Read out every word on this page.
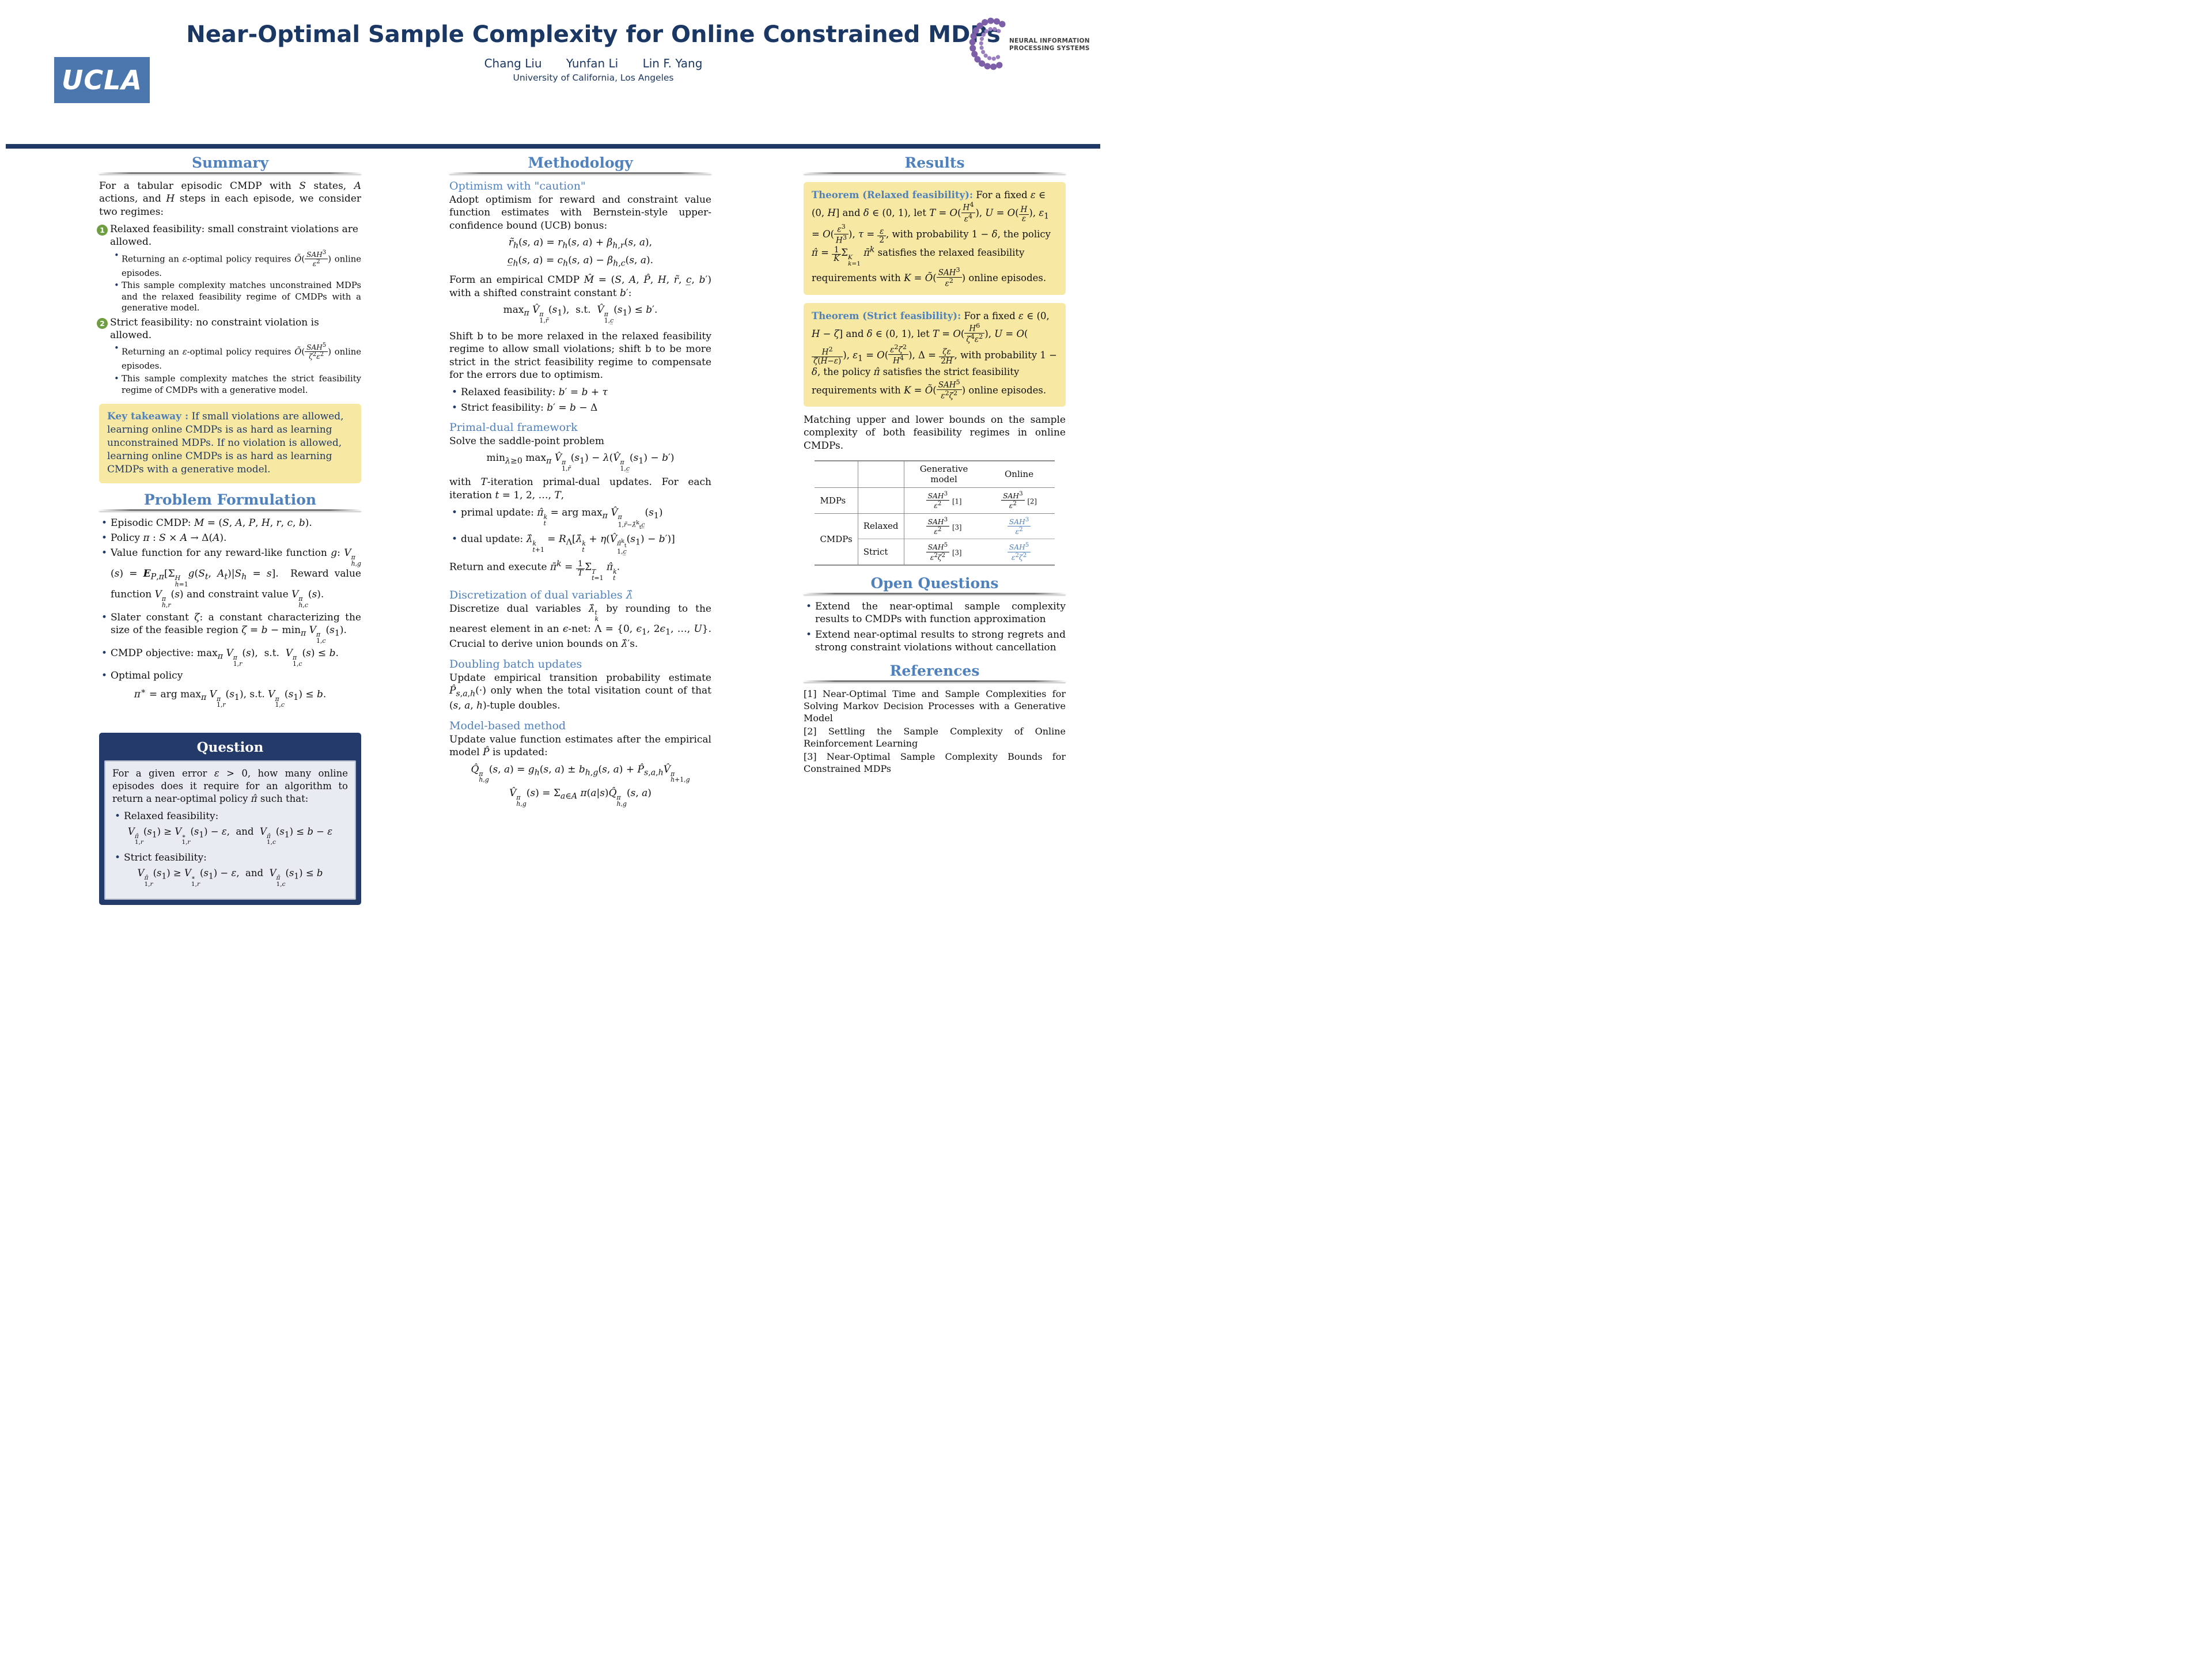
UCLA
Near-Optimal Sample Complexity for Online Constrained MDPs
Chang Liu Yunfan Li Lin F. Yang
University of California, Los Angeles
NEURAL INFORMATION
PROCESSING SYSTEMS
Summary

For a tabular episodic CMDP with S states, A actions, and H steps in each episode, we consider two regimes:

1 Relaxed feasibility: small constraint violations are allowed.
• Returning an ε-optimal policy requires Õ( SAH$^3$
$\varepsilon^2$ ) online episodes.
• This sample complexity matches unconstrained MDPs and the relaxed feasibility regime of CMDPs with a generative model.
2 Strict feasibility: no constraint violation is allowed.
• Returning an ε-optimal policy requires Õ( SAH$^5$
$\zeta^2\varepsilon^2$ ) online episodes.
• This sample complexity matches the strict feasibility regime of CMDPs with a generative model.
Key takeaway : If small violations are allowed, learning online CMDPs is as hard as learning unconstrained MDPs. If no violation is allowed, learning online CMDPs is as hard as learning CMDPs with a generative model.
Problem Formulation
• Episodic CMDP: M = (S, A, P, H, r, c, b).
• Policy π : S × A → Δ(A).
• Value function for any reward-like function g: V π
h,g
$(s) = E_{P,\pi}[\Sigma$ H
h=1
$g(S_t$, $A_t)|S_h = s$].  Reward value function V π
h,r
(s) and constraint value V π
h,c
(s).
• Slater constant ζ: a constant characterizing the size of the feasible region $\zeta = b - \min_\pi V$ π
1,c
$(s_1)$.
• CMDP objective: $\max_\pi V$ π
1,r
(s),  s.t.  V π
1,c
(s) ≤ b.
• Optimal policy
π∗ = arg $\max_\pi V$ π
1,r
$(s_1)$, s.t. V π
1,c
$(s_1) \le b$.
Question

For a given error ε > 0, how many online episodes does it require for an algorithm to return a near-optimal policy π̂ such that:

• Relaxed feasibility:
V π̂
1,r
$(s_1) \ge V$ ∗
1,r
$(s_1) - \varepsilon$,  and  V π̂
1,c
$(s_1) \le b - \varepsilon$
• Strict feasibility:
V π̂
1,r
$(s_1) \ge V$ ∗
1,r
$(s_1) - \varepsilon$,  and  V π̂
1,c
$(s_1) \le b$
Methodology
Optimism with "caution"

Adopt optimism for reward and constraint value function estimates with Bernstein-style upper-confidence bound (UCB) bonus:

$r̃_h(s$, $a) = r_h(s$, $a) + \beta_{h,r}(s$, a),
$c̲_h(s$, $a) = c_h(s$, $a) - \beta_{h,c}(s$, a).

Form an empirical CMDP M̂ = (S, A, P̂, H, r̃, c̲, b′) with a shifted constraint constant b′:

$\max_\pi$ V̂ π
1,r̃
$(s_1)$,  s.t.  V̂ π
1,c̲
$(s_1) \le b'$.

Shift b to be more relaxed in the relaxed feasibility regime to allow small violations; shift b to be more strict in the strict feasibility regime to compensate for the errors due to optimism.

• Relaxed feasibility: b′ = b + τ
• Strict feasibility: b′ = b − Δ
Primal-dual framework

Solve the saddle-point problem

$\min_{\lambda\ge 0} \max_\pi$ V̂ π
1,r̃
$(s_1)$ − λ(V̂ π
1,c̲
$(s_1) - b'$)

with T-iteration primal-dual updates. For each iteration t = 1, 2, …, T,

• primal update: π̂ k
t
= arg $\max_\pi$ V̂ π
1,r̃−λ̂$^k_t$c̲
$(s_1)$
• dual update: λ̂ k
t+1
= $R_\Lambda[\lambdâ$ k
t
+ η(V̂ π̂$^k_t$
1,c̲
$(s_1) - b'$)]

Return and execute π̄$^k$ = $\frac{1}{T}$ Σ T
t=1
π̂ k
t
.

Discretization of dual variables λ̂

Discretize dual variables λ̂ t
k
by rounding to the nearest element in an ϵ-net: Λ = {0, $\epsilon_1$, $2\epsilon_1$, …, U}. Crucial to derive union bounds on λ̂′s.

Doubling batch updates

Update empirical transition probability estimate $P̂_{s,a,h}(\cdot)$ only when the total visitation count of that (s, a, h)-tuple doubles.

Model-based method

Update value function estimates after the empirical model P̂ is updated:

Q̂ π
h,g
(s, $a) = g_h(s$, $a) \pm b_{h,g}(s$, $a) + P̂_{s,a,h}V̂$ π
h+1,g
V̂ π
h,g
$(s) = \Sigma_{a\in A}$ π(a|s)Q̂ π
h,g
(s, a)
Results
Theorem (Relaxed feasibility): For a fixed ε ∈ (0, H] and δ ∈ (0, 1), let $T = O( \frac{H^4}{\varepsilon^4}$ ), $U = O( \frac{H}{\varepsilon}$ ), $\varepsilon_1 = O( \frac{\varepsilon^3}{H^3}$ ), $\tau = \frac{\varepsilon}{2}$ , with probability 1 − δ, the policy π̂ = $\frac{1}{K}$ Σ K
k=1
π̄$^k$ satisfies the relaxed feasibility requirements with K = Õ( SAH$^3$
$\varepsilon^2$ ) online episodes.
Theorem (Strict feasibility): For a fixed ε ∈ (0, H − ζ] and δ ∈ (0, 1), let $T = O( \frac{H^6}{\zeta^4\varepsilon^2}$ ), U = O(
$\frac{H^2}{\zeta(H-\varepsilon)}$ ), $\varepsilon_1 = O( \frac{\varepsilon^2\zeta^2}{H^4}$ ), $\Delta = \frac{\zeta\varepsilon}{2H}$ , with probability 1 − δ, the policy π̂ satisfies the strict feasibility requirements with K = Õ( SAH$^5$
$\varepsilon^2\zeta^2$ ) online episodes.

Matching upper and lower bounds on the sample complexity of both feasibility regimes in online CMDPs.

		Generative model	Online
MDPs		SAH$^3$
$\varepsilon^2$ [1]	SAH$^3$
$\varepsilon^2$ [2]
CMDPs	Relaxed	SAH$^3$
$\varepsilon^2$ [3]	SAH$^3$
$\varepsilon^2$

	Strict	SAH$^5$
$\varepsilon^2\zeta^2$ [3]	SAH$^5$
$\varepsilon^2\zeta^2$
Open Questions
• Extend the near-optimal sample complexity results to CMDPs with function approximation
• Extend near-optimal results to strong regrets and strong constraint violations without cancellation
References

[1] Near-Optimal Time and Sample Complexities for Solving Markov Decision Processes with a Generative Model

[2] Settling the Sample Complexity of Online Reinforcement Learning

[3] Near-Optimal Sample Complexity Bounds for Constrained MDPs
